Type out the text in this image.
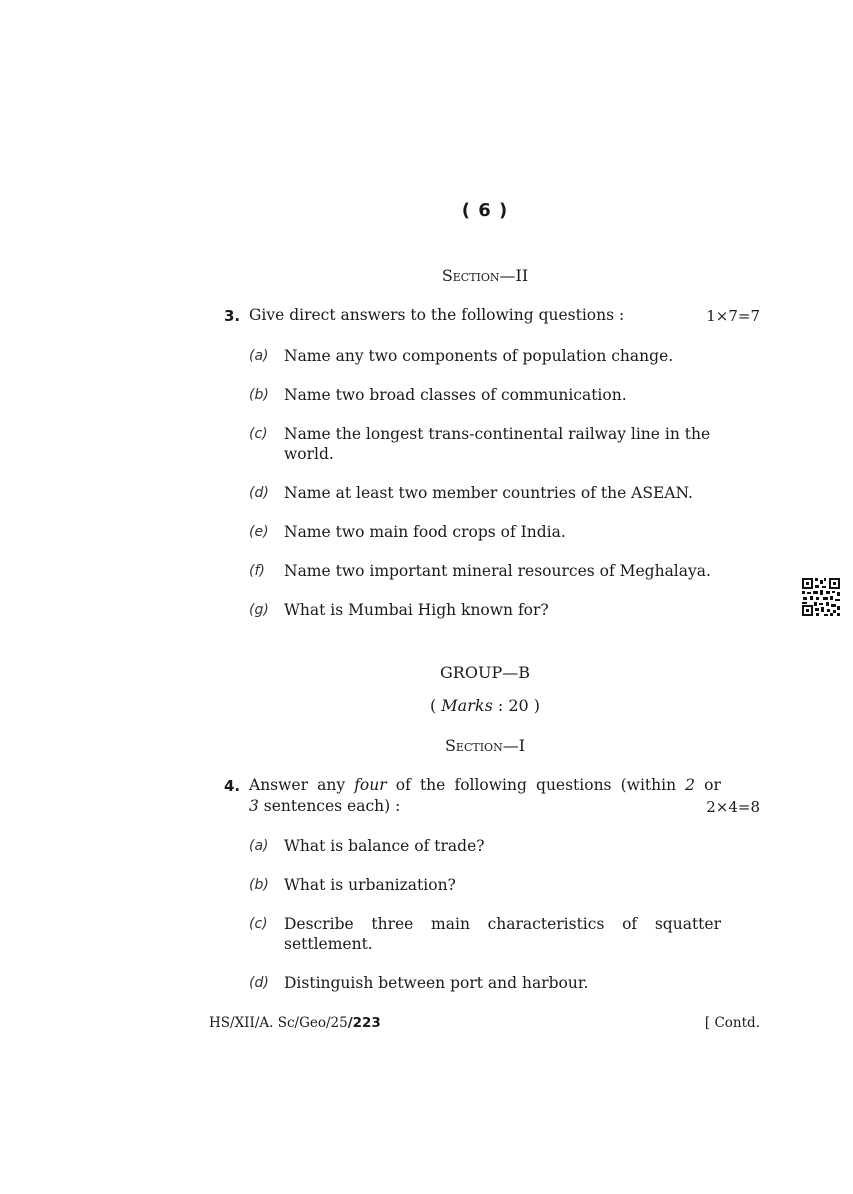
( 6 )
Section—II
3. Give direct answers to the following questions :	1×7=7
(a) Name any two components of population change.
(b) Name two broad classes of communication.
(c) Name the longest trans-continental railway line in the world.
(d) Name at least two member countries of the ASEAN.
(e) Name two main food crops of India.
(f) Name two important mineral resources of Meghalaya.
(g) What is Mumbai High known for?
GROUP—B
( Marks : 20 )
Section—I
4. Answer any four of the following questions (within 2 or
3 sentences each) :	2×4=8
(a) What is balance of trade?
(b) What is urbanization?
(c) Describe three main characteristics of squatter settlement.
(d) Distinguish between port and harbour.
HS/XII/A. Sc/Geo/25/223	[ Contd.
